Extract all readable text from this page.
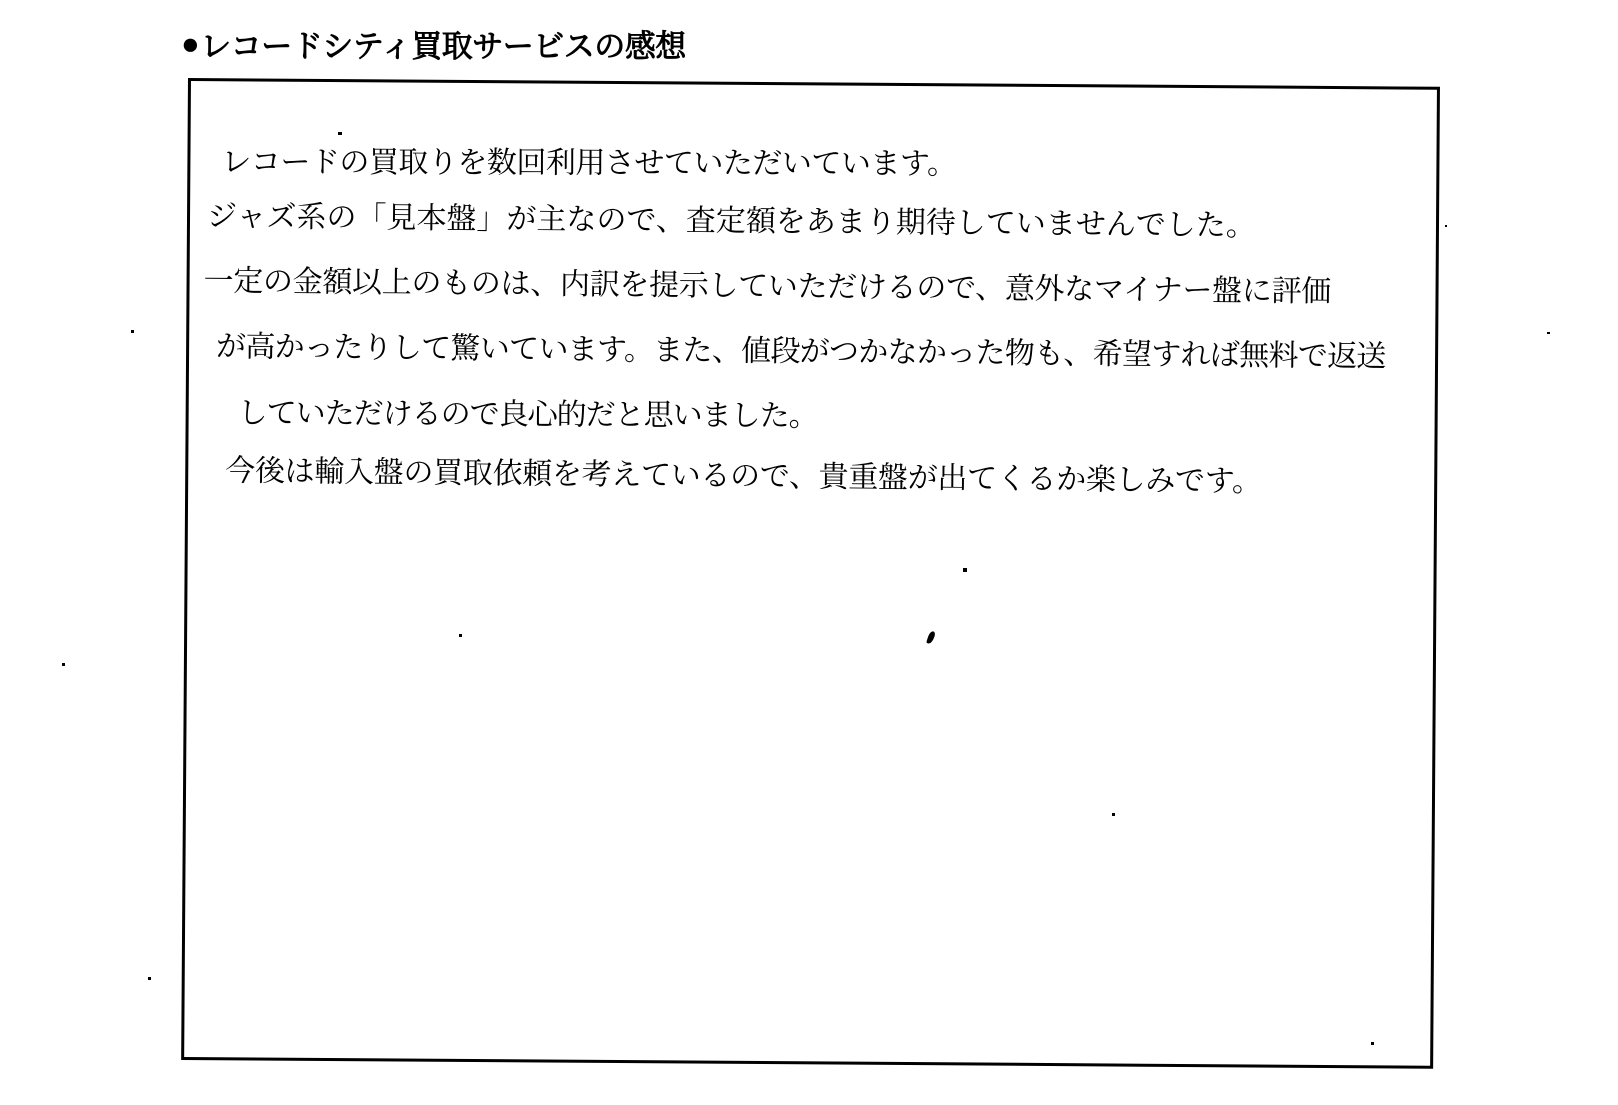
● レコードシティ買取サービスの感想

レコードの買取りを数回利用させていただいています。

ジャズ系の「見本盤」が主なので、査定額をあまり期待していませんでした。

一定の金額以上のものは、内訳を提示していただけるので、意外なマイナー盤に評価

が高かったりして驚いています。また、値段がつかなかった物も、希望すれば無料で返送

していただけるので良心的だと思いました。

今後は輸入盤の買取依頼を考えているので、貴重盤が出てくるか楽しみです。
